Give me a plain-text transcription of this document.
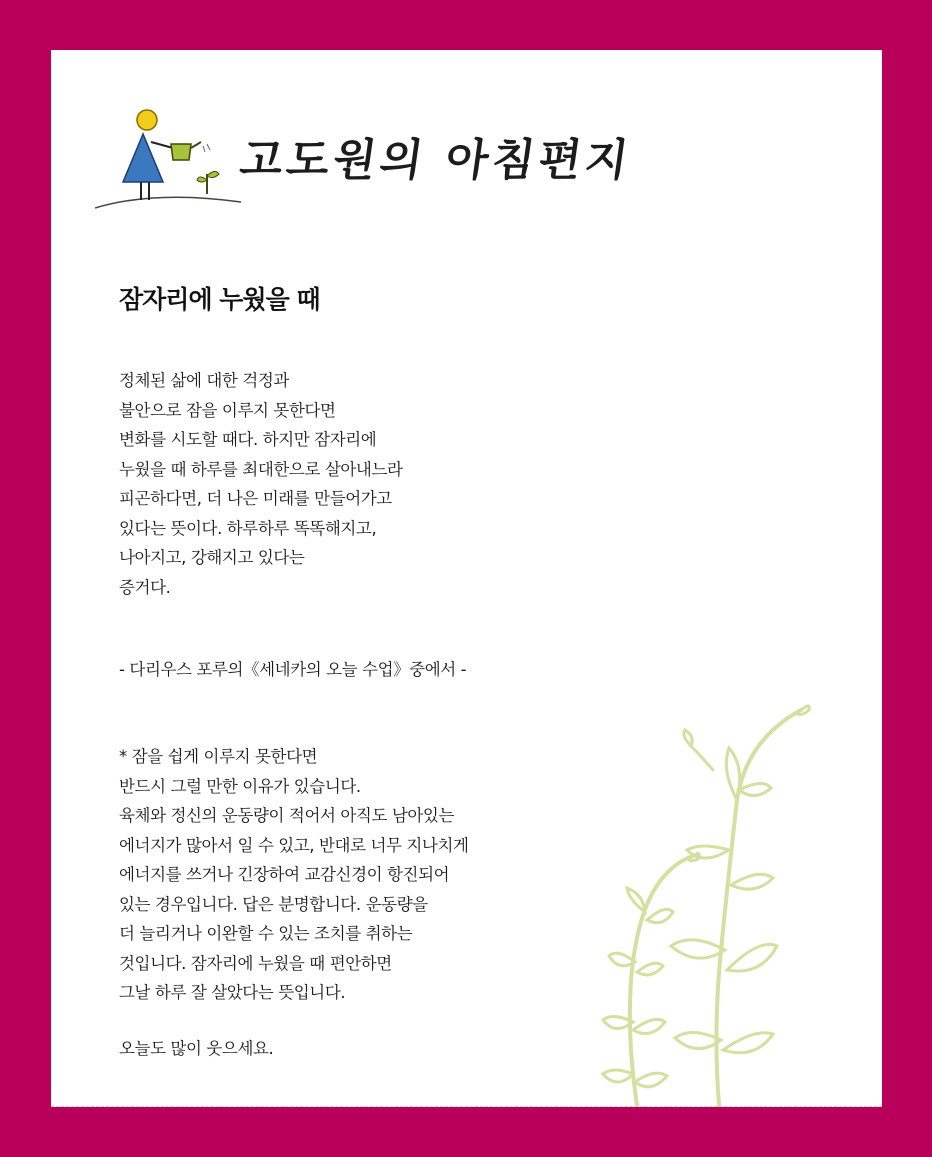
고도원의 아침편지
잠자리에 누웠을 때
정체된 삶에 대한 걱정과
불안으로 잠을 이루지 못한다면
변화를 시도할 때다. 하지만 잠자리에
누웠을 때 하루를 최대한으로 살아내느라
피곤하다면, 더 나은 미래를 만들어가고
있다는 뜻이다. 하루하루 똑똑해지고,
나아지고, 강해지고 있다는
증거다.
- 다리우스 포루의《세네카의 오늘 수업》중에서 -
* 잠을 쉽게 이루지 못한다면
반드시 그럴 만한 이유가 있습니다.
육체와 정신의 운동량이 적어서 아직도 남아있는
에너지가 많아서 일 수 있고, 반대로 너무 지나치게
에너지를 쓰거나 긴장하여 교감신경이 항진되어
있는 경우입니다. 답은 분명합니다. 운동량을
더 늘리거나 이완할 수 있는 조치를 취하는
것입니다. 잠자리에 누웠을 때 편안하면
그날 하루 잘 살았다는 뜻입니다.
오늘도 많이 웃으세요.
